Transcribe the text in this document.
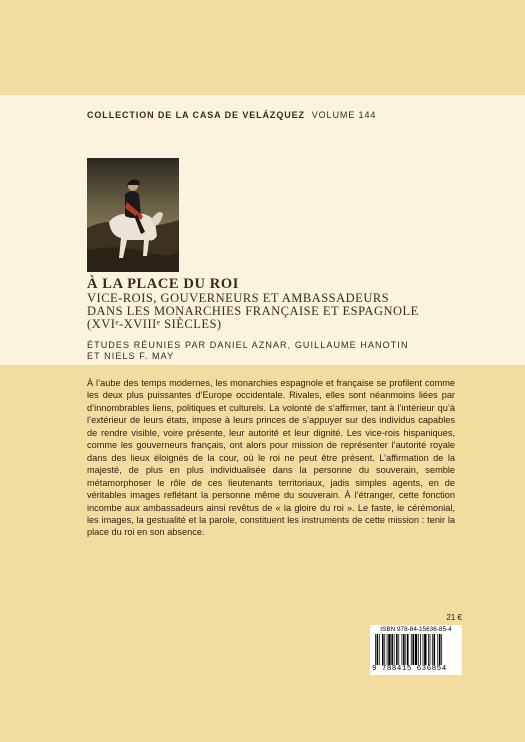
COLLECTION DE LA CASA DE VELÁZQUEZ VOLUME 144
À LA PLACE DU ROI
VICE-ROIS, GOUVERNEURS ET AMBASSADEURS
DANS LES MONARCHIES FRANÇAISE ET ESPAGNOLE
(XVIᵉ-XVIIIᵉ SIÈCLES)
ÉTUDES RÉUNIES PAR DANIEL AZNAR, GUILLAUME HANOTIN
ET NIELS F. MAY

À l’aube des temps modernes, les monarchies espagnole et française se profilent comme les deux plus puissantes d’Europe occidentale. Rivales, elles sont néanmoins liées par d’innombrables liens, politiques et culturels. La volonté de s’affirmer, tant à l’intérieur qu’à l’extérieur de leurs états, impose à leurs princes de s’appuyer sur des individus capables de rendre visible, voire présente, leur autorité et leur dignité. Les vice-rois hispaniques, comme les gouverneurs français, ont alors pour mission de représenter l’autorité royale dans des lieux éloignés de la cour, où le roi ne peut être présent. L’affirmation de la majesté, de plus en plus individualisée dans la personne du souverain, semble métamorphoser le rôle de ces lieutenants territoriaux, jadis simples agents, en de véritables images reflétant la personne même du souverain. À l’étranger, cette fonction incombe aux ambassadeurs ainsi revêtus de « la gloire du roi ». Le faste, le cérémonial, les images, la gestualité et la parole, constituent les instruments de cette mission : tenir la place du roi en son absence.

21 €
ISBN 978-84-15636-85-4
9 788415 636854
